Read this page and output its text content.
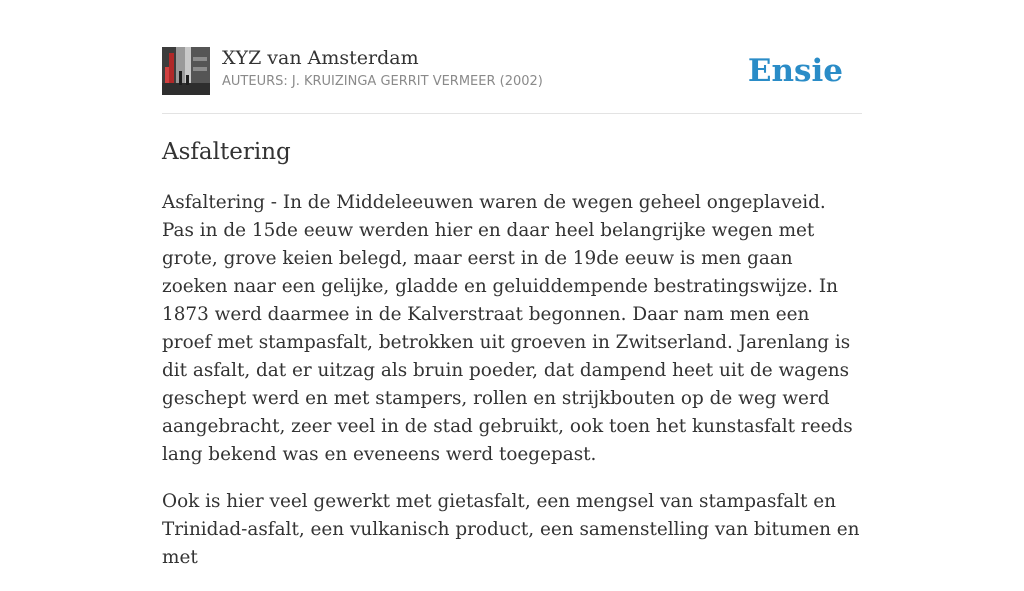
XYZ van Amsterdam
AUTEURS: J. KRUIZINGA GERRIT VERMEER (2002)	Ensie
Asfaltering

Asfaltering - In de Middeleeuwen waren de wegen geheel ongeplaveid. Pas in de 15de eeuw werden hier en daar heel belangrijke wegen met grote, grove keien belegd, maar eerst in de 19de eeuw is men gaan zoeken naar een gelijke, gladde en geluiddempende bestratingswijze. In 1873 werd daarmee in de Kalverstraat begonnen. Daar nam men een proef met stampasfalt, betrokken uit groeven in Zwitserland. Jarenlang is dit asfalt, dat er uitzag als bruin poeder, dat dampend heet uit de wagens geschept werd en met stampers, rollen en strijkbouten op de weg werd aangebracht, zeer veel in de stad gebruikt, ook toen het kunstasfalt reeds lang bekend was en eveneens werd toegepast.

Ook is hier veel gewerkt met gietasfalt, een mengsel van stampasfalt en Trinidad-asfalt, een vulkanisch product, een samenstelling van bitumen en met
